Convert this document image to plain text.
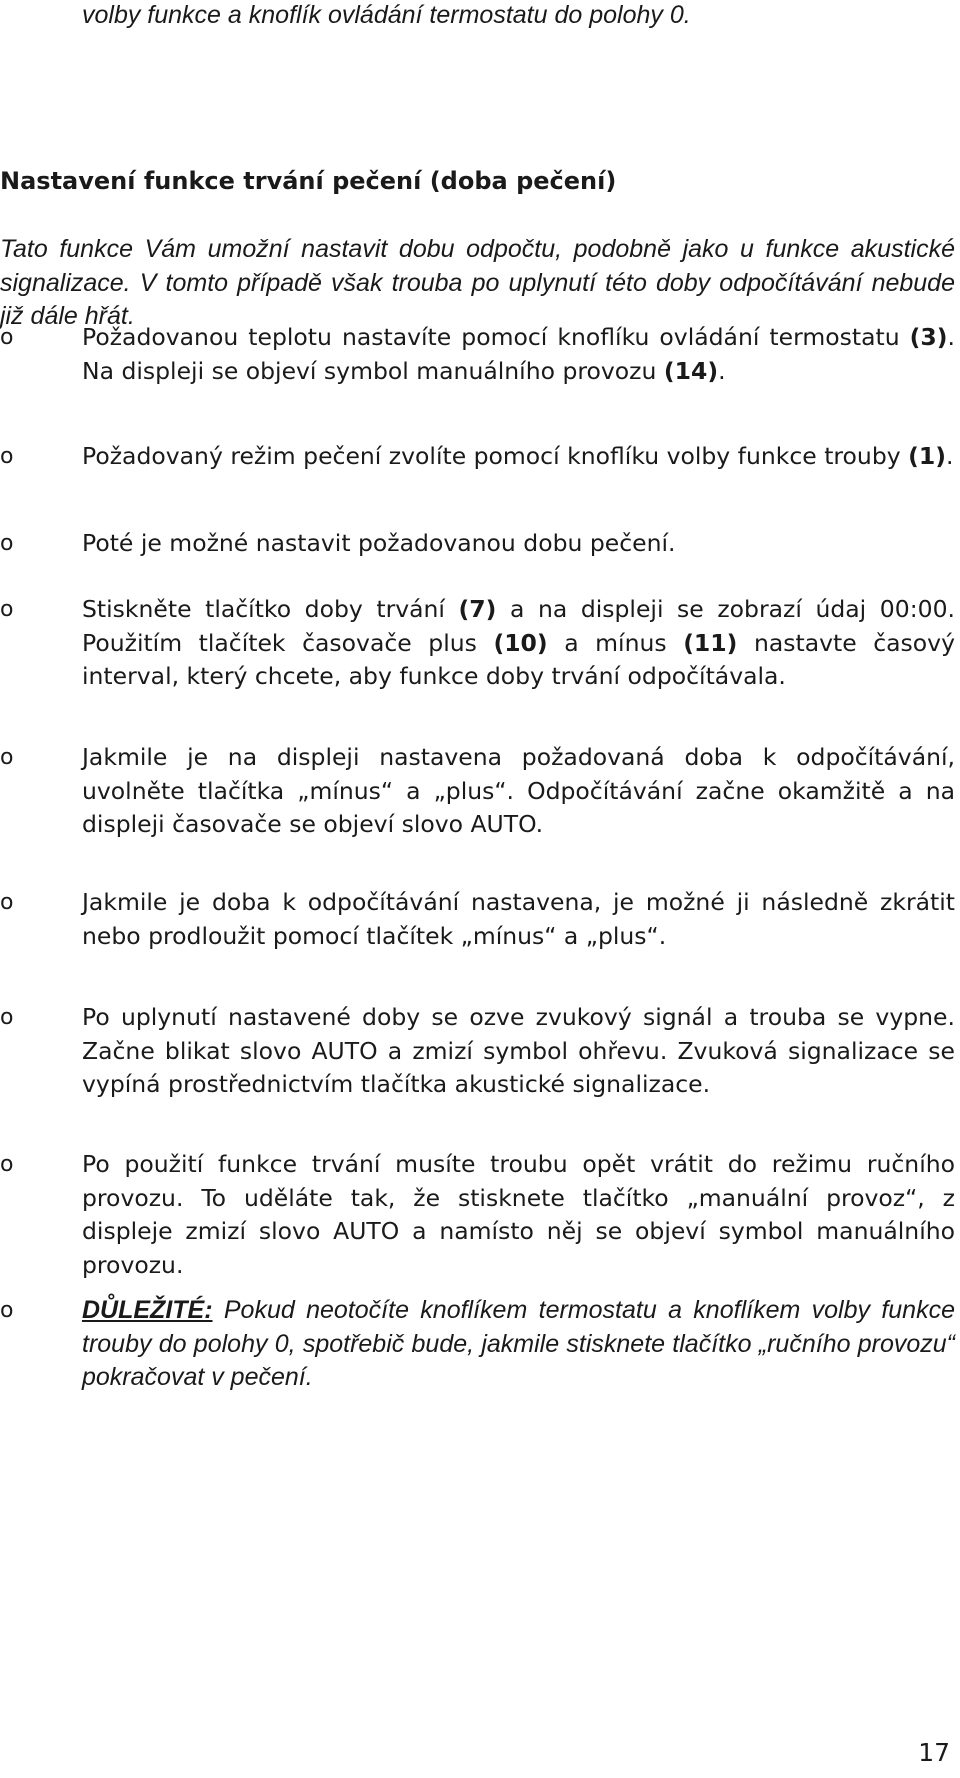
volby funkce a knoflík ovládání termostatu do polohy 0.

Nastavení funkce trvání pečení (doba pečení)

Tato funkce Vám umožní nastavit dobu odpočtu, podobně jako u funkce akustické signalizace. V tomto případě však trouba po uplynutí této doby odpočítávání nebude již dále hřát.

o	Požadovanou teplotu nastavíte pomocí knoflíku ovládání termostatu (3). Na displeji se objeví symbol manuálního provozu (14).

o	Požadovaný režim pečení zvolíte pomocí knoflíku volby funkce trouby (1).

o	Poté je možné nastavit požadovanou dobu pečení.

o	Stiskněte tlačítko doby trvání (7) a na displeji se zobrazí údaj 00:00. Použitím tlačítek časovače plus (10) a mínus (11) nastavte časový interval, který chcete, aby funkce doby trvání odpočítávala.

o	Jakmile je na displeji nastavena požadovaná doba k odpočítávání, uvolněte tlačítka „mínus“ a „plus“. Odpočítávání začne okamžitě a na displeji časovače se objeví slovo AUTO.

o	Jakmile je doba k odpočítávání nastavena, je možné ji následně zkrátit nebo prodloužit pomocí tlačítek „mínus“ a „plus“.

o	Po uplynutí nastavené doby se ozve zvukový signál a trouba se vypne. Začne blikat slovo AUTO a zmizí symbol ohřevu. Zvuková signalizace se vypíná prostřednictvím tlačítka akustické signalizace.

o	Po použití funkce trvání musíte troubu opět vrátit do režimu ručního provozu. To uděláte tak, že stisknete tlačítko „manuální provoz“, z displeje zmizí slovo AUTO a namísto něj se objeví symbol manuálního provozu.

o	DŮLEŽITÉ: Pokud neotočíte knoflíkem termostatu a knoflíkem volby funkce trouby do polohy 0, spotřebič bude, jakmile stisknete tlačítko „ručního provozu“ pokračovat v pečení.

17
